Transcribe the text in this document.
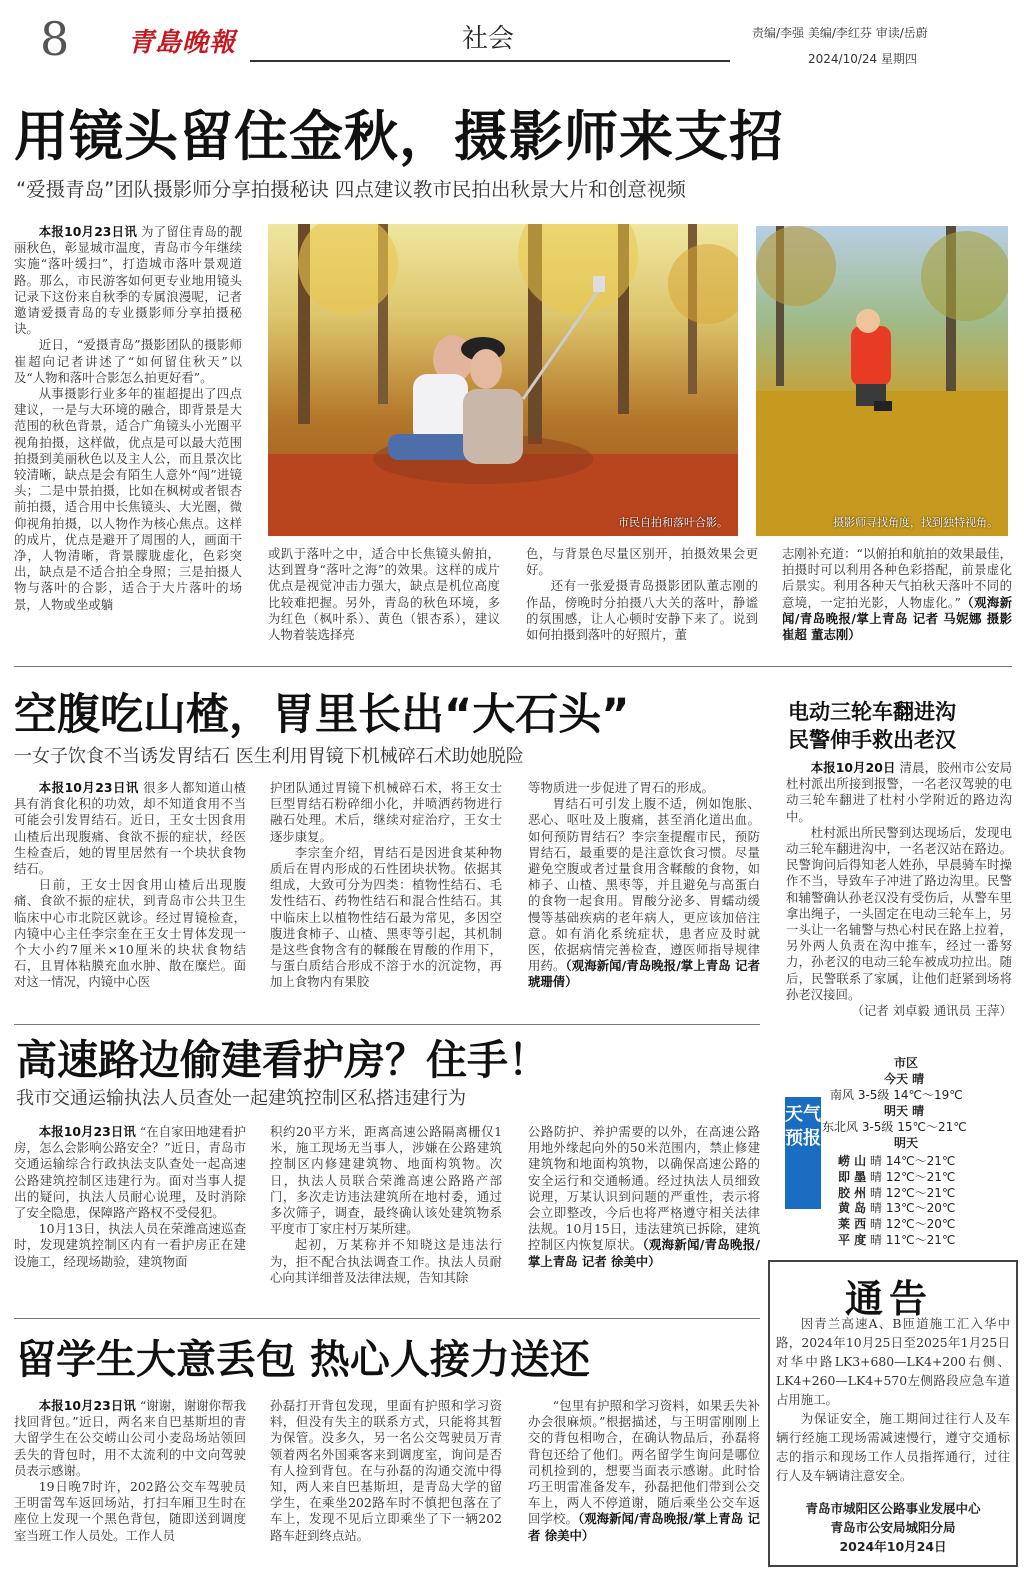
8 青島晚報	社会	责编/李强 美编/李红芬 审读/岳蔚
2024/10/24 星期四
用镜头留住金秋，摄影师来支招
“爱摄青岛”团队摄影师分享拍摄秘诀 四点建议教市民拍出秋景大片和创意视频

本报10月23日讯 为了留住青岛的靓丽秋色，彰显城市温度，青岛市今年继续实施“落叶缓扫”，打造城市落叶景观道路。那么，市民游客如何更专业地用镜头记录下这份来自秋季的专属浪漫呢，记者邀请爱摄青岛的专业摄影师分享拍摄秘诀。

近日，“爱摄青岛”摄影团队的摄影师崔超向记者讲述了“如何留住秋天”以及“人物和落叶合影怎么拍更好看”。

从事摄影行业多年的崔超提出了四点建议，一是与大环境的融合，即背景是大范围的秋色背景，适合广角镜头小光圈平视角拍摄，这样做，优点是可以最大范围拍摄到美丽秋色以及主人公，而且景次比较清晰，缺点是会有陌生人意外“闯”进镜头；二是中景拍摄，比如在枫树或者银杏前拍摄，适合用中长焦镜头、大光圈，微仰视角拍摄，以人物作为核心焦点。这样的成片，优点是避开了周围的人，画面干净，人物清晰，背景朦胧虚化，色彩突出，缺点是不适合拍全身照；三是拍摄人物与落叶的合影，适合于大片落叶的场景，人物或坐或躺

市民自拍和落叶合影。	摄影师寻找角度，找到独特视角。

或趴于落叶之中，适合中长焦镜头俯拍，达到置身“落叶之海”的效果。这样的成片优点是视觉冲击力强大，缺点是机位高度比较难把握。另外，青岛的秋色环境，多为红色（枫叶系）、黄色（银杏系），建议人物着装选择亮

色，与背景色尽量区别开，拍摄效果会更好。

还有一张爱摄青岛摄影团队董志刚的作品，傍晚时分拍摄八大关的落叶，静谧的氛围感，让人心顿时安静下来了。说到如何拍摄到落叶的好照片，董

志刚补充道：“以俯拍和航拍的效果最佳，拍摄时可以利用各种色彩搭配，前景虚化后景实。利用各种天气拍秋天落叶不同的意境，一定拍光影，人物虚化。”（观海新闻/青岛晚报/掌上青岛 记者 马妮娜 摄影 崔超 董志刚）

空腹吃山楂，胃里长出“大石头”
一女子饮食不当诱发胃结石 医生利用胃镜下机械碎石术助她脱险

本报10月23日讯 很多人都知道山楂具有消食化积的功效，却不知道食用不当可能会引发胃结石。近日，王女士因食用山楂后出现腹痛、食欲不振的症状，经医生检查后，她的胃里居然有一个块状食物结石。

日前，王女士因食用山楂后出现腹痛、食欲不振的症状，到青岛市公共卫生临床中心市北院区就诊。经过胃镜检查，内镜中心主任李宗奎在王女士胃体发现一个大小约7厘米×10厘米的块状食物结石，且胃体粘膜充血水肿、散在糜烂。面对这一情况，内镜中心医

护团队通过胃镜下机械碎石术，将王女士巨型胃结石粉碎细小化，并喷洒药物进行融石处理。术后，继续对症治疗，王女士逐步康复。

李宗奎介绍，胃结石是因进食某种物质后在胃内形成的石性团块状物。依据其组成，大致可分为四类：植物性结石、毛发性结石、药物性结石和混合性结石。其中临床上以植物性结石最为常见，多因空腹进食柿子、山楂、黑枣等引起，其机制是这些食物含有的鞣酸在胃酸的作用下，与蛋白质结合形成不溶于水的沉淀物，再加上食物内有果胶

等物质进一步促进了胃石的形成。

胃结石可引发上腹不适，例如饱胀、恶心、呕吐及上腹痛，甚至消化道出血。如何预防胃结石？李宗奎提醒市民，预防胃结石，最重要的是注意饮食习惯。尽量避免空腹或者过量食用含鞣酸的食物，如柿子、山楂、黑枣等，并且避免与高蛋白的食物一起食用。胃酸分泌多、胃蠕动缓慢等基础疾病的老年病人，更应该加倍注意。如有消化系统症状，患者应及时就医，依据病情完善检查，遵医师指导规律用药。（观海新闻/青岛晚报/掌上青岛 记者 琥珊倩）

电动三轮车翻进沟
民警伸手救出老汉

本报10月20日 清晨，胶州市公安局杜村派出所接到报警，一名老汉驾驶的电动三轮车翻进了杜村小学附近的路边沟中。

杜村派出所民警到达现场后，发现电动三轮车翻进沟中，一名老汉站在路边。民警询问后得知老人姓孙，早晨骑车时操作不当，导致车子冲进了路边沟里。民警和辅警确认孙老汉没有受伤后，从警车里拿出绳子，一头固定在电动三轮车上，另一头让一名辅警与热心村民在路上拉着，另外两人负责在沟中推车，经过一番努力，孙老汉的电动三轮车被成功拉出。随后，民警联系了家属，让他们赶紧到场将孙老汉接回。

（记者 刘卓毅 通讯员 王萍）

高速路边偷建看护房？住手！
我市交通运输执法人员查处一起建筑控制区私搭违建行为

本报10月23日讯 “在自家田地建看护房，怎么会影响公路安全？”近日，青岛市交通运输综合行政执法支队查处一起高速公路建筑控制区违建行为。面对当事人提出的疑问，执法人员耐心说理，及时消除了安全隐患，保障路产路权不受侵犯。

10月13日，执法人员在荣潍高速巡查时，发现建筑控制区内有一看护房正在建设施工，经现场勘验，建筑物面

积约20平方米，距离高速公路隔离栅仅1米，施工现场无当事人，涉嫌在公路建筑控制区内修建建筑物、地面构筑物。次日，执法人员联合荣潍高速公路路产部门，多次走访违法建筑所在地村委，通过多次筛子，调查，最终确认该处建筑物系平度市丁家庄村万某所建。

起初，万某称并不知晓这是违法行为，拒不配合执法调查工作。执法人员耐心向其详细普及法律法规，告知其除

公路防护、养护需要的以外，在高速公路用地外缘起向外的50米范围内，禁止修建建筑物和地面构筑物，以确保高速公路的安全运行和交通畅通。经过执法人员细致说理，万某认识到问题的严重性，表示将会立即整改，今后也将严格遵守相关法律法规。10月15日，违法建筑已拆除，建筑控制区内恢复原状。（观海新闻/青岛晚报/掌上青岛 记者 徐美中）

市区
今天 晴
南风 3-5级 14℃～19℃
明天 晴
东北风 3-5级 15℃～21℃
明天
崂 山 晴 14℃～21℃
即 墨 晴 12℃～21℃
胶 州 晴 12℃～21℃
黄 岛 晴 13℃～20℃
莱 西 晴 12℃～20℃
平 度 晴 11℃～21℃
天气预报
通告

因青兰高速A、B匝道施工汇入华中路，2024年10月25日至2025年1月25日对华中路LK3+680—LK4+200右侧、LK4+260—LK4+570左侧路段应急车道占用施工。

为保证安全，施工期间过往行人及车辆行经施工现场需减速慢行，遵守交通标志的指示和现场工作人员指挥通行，过往行人及车辆请注意安全。

青岛市城阳区公路事业发展中心
青岛市公安局城阳分局
2024年10月24日
留学生大意丢包 热心人接力送还

本报10月23日讯 “谢谢，谢谢你帮我找回背包。”近日，两名来自巴基斯坦的青大留学生在公交崂山公司小麦岛场站领回丢失的背包时，用不太流利的中文向驾驶员表示感谢。

19日晚7时许，202路公交车驾驶员王明雷驾车返回场站，打扫车厢卫生时在座位上发现一个黑色背包，随即送到调度室当班工作人员处。工作人员

孙磊打开背包发现，里面有护照和学习资料，但没有失主的联系方式，只能将其暂为保管。没多久，另一名公交驾驶员万青领着两名外国乘客来到调度室，询问是否有人捡到背包。在与孙磊的沟通交流中得知，两人来自巴基斯坦，是青岛大学的留学生，在乘坐202路车时不慎把包落在了车上，发现不见后立即乘坐了下一辆202路车赶到终点站。

“包里有护照和学习资料，如果丢失补办会很麻烦。”根据描述，与王明雷刚刚上交的背包相吻合，在确认物品后，孙磊将背包还给了他们。两名留学生询问是哪位司机捡到的，想要当面表示感谢。此时恰巧王明雷准备发车，孙磊把他们带到公交车上，两人不停道谢，随后乘坐公交车返回学校。（观海新闻/青岛晚报/掌上青岛 记者 徐美中）
